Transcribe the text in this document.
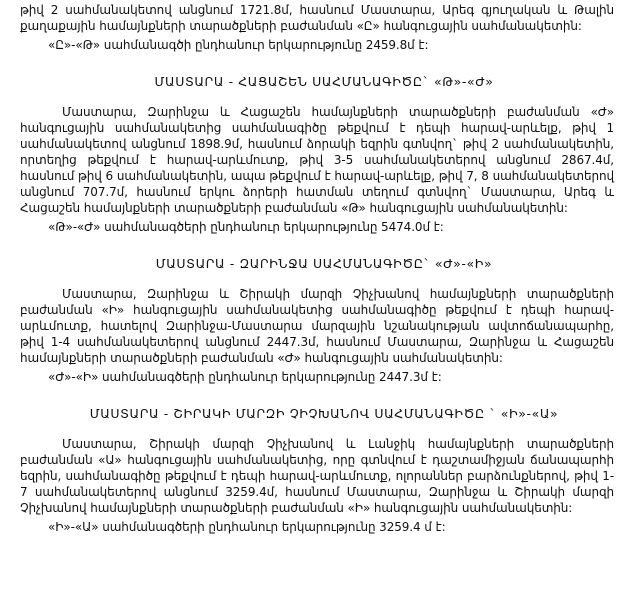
թիվ 2 սահմանակետով անցնում 1721.8մ, հասնում Մաստարա, Արեգ գյուղական և Թալին քաղաքային համայնքների տարածքների բաժանման «Ը» հանգուցային սահմանակետին:

«Ը»-«Թ» սահմանագծի ընդհանուր երկարությունը 2459.8մ է:

ՄԱՍՏԱՐԱ - ՀԱՑԱՇԵՆ ՍԱՀՄԱՆԱԳԻԾԸ` «Թ»-«Ժ»

Մաստարա, Զարինջա և Հացաշեն համայնքների տարածքների բաժանման «Ժ» հանգուցային սահմանակետից սահմանագիծը թեքվում է դեպի հարավ-արևելք, թիվ 1 սահմանակետով անցնում 1898.9մ, հասնում ձորակի եզրին գտնվող` թիվ 2 սահմանակետին, որտեղից թեքվում է հարավ-արևմուտք, թիվ 3-5 սահմանակետերով անցնում 2867.4մ, հասնում թիվ 6 սահմանակետին, ապա թեքվում է հարավ-արևելք, թիվ 7, 8 սահմանակետերով անցնում 707.7մ, հասնում երկու ձորերի հատման տեղում գտնվող` Մաստարա, Արեգ և Հացաշեն համայնքների տարածքների բաժանման «Թ» հանգուցային սահմանակետին:

«Թ»-«Ժ» սահմանագծերի ընդհանուր երկարությունը 5474.0մ է:

ՄԱՍՏԱՐԱ - ԶԱՐԻՆՋԱ ՍԱՀՄԱՆԱԳԻԾԸ` «Ժ»-«Ի»

Մաստարա, Զարինջա և Շիրակի մարզի Չիչխանով համայնքների տարածքների բաժանման «Ի» հանգուցային սահմանակետից սահմանագիծը թեքվում է դեպի հարավ-արևմուտք, հատելով Զարինջա-Մաստարա մարզային նշանակության ավտոճանապարհը, թիվ 1-4 սահմանակետերով անցնում 2447.3մ, հասնում Մաստարա, Զարինջա և Հացաշեն համայնքների տարածքների բաժանման «Ժ» հանգուցային սահմանակետին:

«Ժ»-«Ի» սահմանագծերի ընդհանուր երկարությունը 2447.3մ է:

ՄԱՍՏԱՐԱ - ՇԻՐԱԿԻ ՄԱՐԶԻ ՉԻՉԽԱՆՈՎ ՍԱՀՄԱՆԱԳԻԾԸ ` «Ի»-«Ա»

Մաստարա, Շիրակի մարզի Չիչխանով և Լանջիկ համայնքների տարածքների բաժանման «Ա» հանգուցային սահմանակետից, որը գտնվում է դաշտամիջյան ճանապարհի եզրին, սահմանագիծը թեքվում է դեպի հարավ-արևմուտք, ոլորաններ բարձունքներով, թիվ 1-7 սահմանակետերով անցնում 3259.4մ, հասնում Մաստարա, Զարինջա և Շիրակի մարզի Չիչխանով համայնքների տարածքների բաժանման «Ի» հանգուցային սահմանակետին:

«Ի»-«Ա» սահմանագծերի ընդհանուր երկարությունը 3259.4 մ է:
